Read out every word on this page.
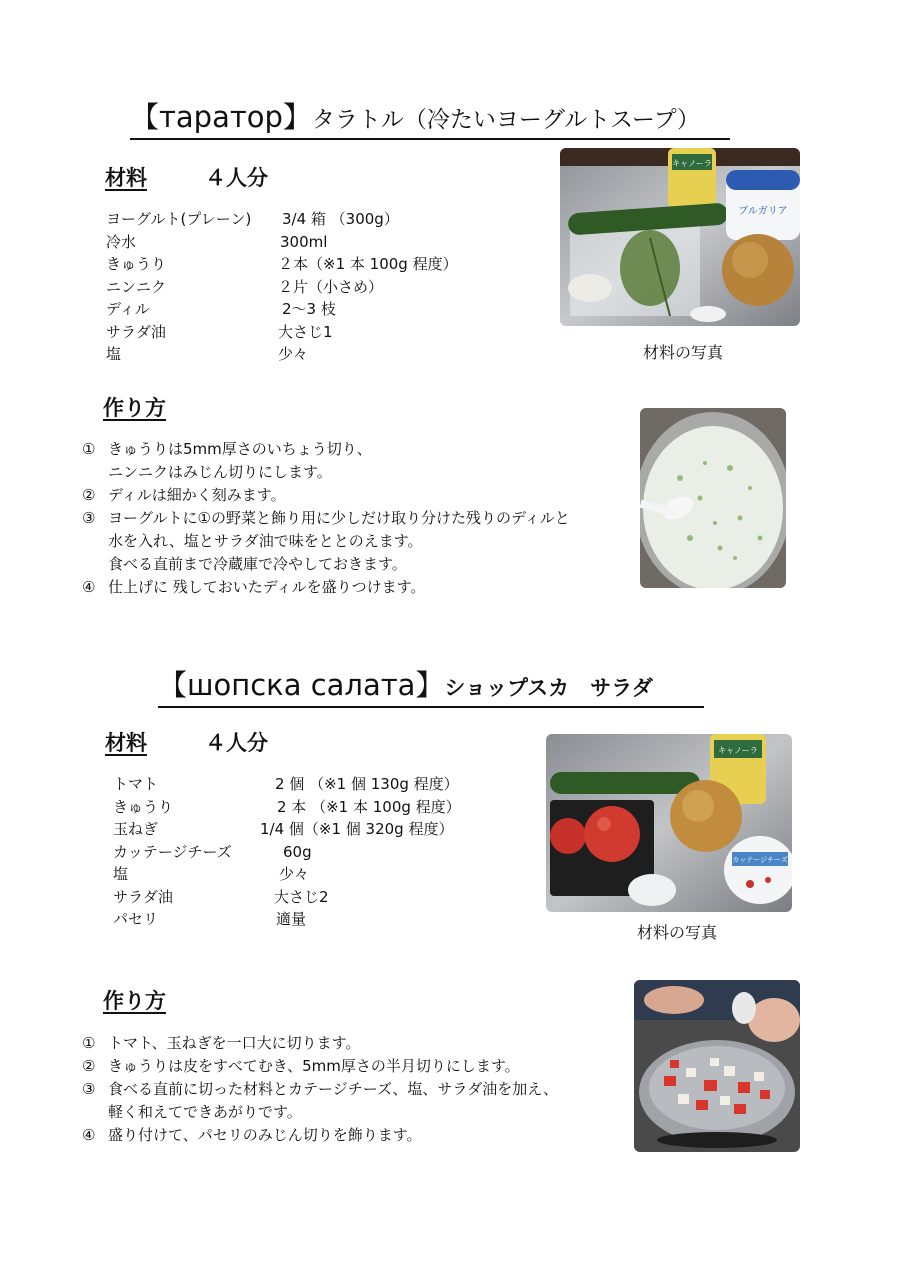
【таратор】タラトル（冷たいヨーグルトスープ）
材料	４人分
ヨーグルト(プレーン) 3/4 箱 （300g）
冷水	300ml
きゅうり	２本（※1 本 100g 程度）
ニンニク	２片（小さめ）
ディル	2〜3 枝
サラダ油	大さじ1
塩	少々
キャノーラ
ブルガリア
材料の写真
作り方
① きゅうりは5mm厚さのいちょう切り、
ニンニクはみじん切りにします。
② ディルは細かく刻みます。
③ ヨーグルトに①の野菜と飾り用に少しだけ取り分けた残りのディルと
水を入れ、塩とサラダ油で味をととのえます。
食べる直前まで冷蔵庫で冷やしておきます。
④ 仕上げに 残しておいたディルを盛りつけます。
【шопска салата】ショップスカ　サラダ
材料	４人分
トマト	2 個 （※1 個 130g 程度）
きゅうり	2 本 （※1 本 100g 程度）
玉ねぎ	1/4 個（※1 個 320g 程度）
カッテージチーズ	60g
塩	少々
サラダ油	大さじ2
パセリ	適量
キャノーラ
カッテージチーズ
材料の写真
作り方
① トマト、玉ねぎを一口大に切ります。
② きゅうりは皮をすべてむき、5mm厚さの半月切りにします。
③ 食べる直前に切った材料とカテージチーズ、塩、サラダ油を加え、
軽く和えてできあがりです。
④ 盛り付けて、パセリのみじん切りを飾ります。
